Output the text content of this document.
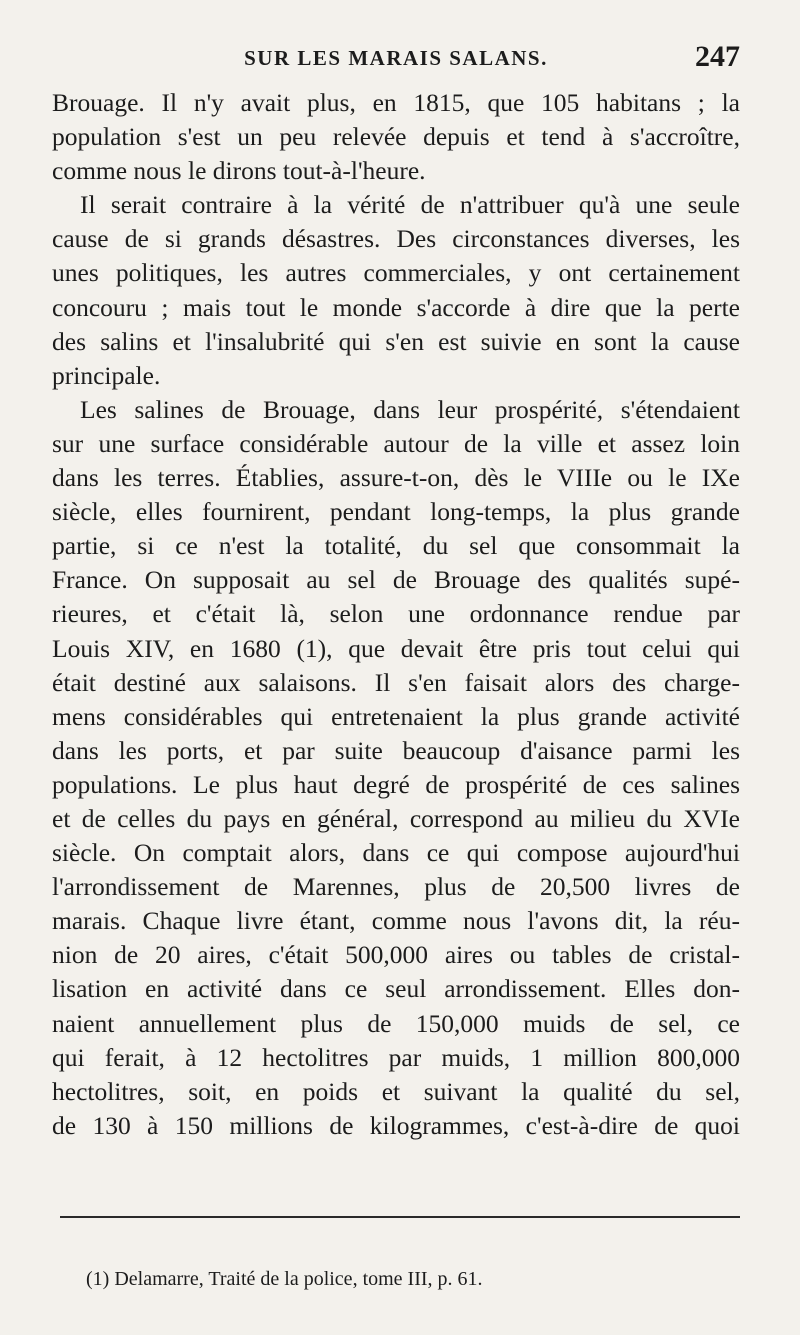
SUR LES MARAIS SALANS.	247
Brouage. Il n'y avait plus, en 1815, que 105 habitans ; la
population s'est un peu relevée depuis et tend à s'accroître,
comme nous le dirons tout-à-l'heure.
Il serait contraire à la vérité de n'attribuer qu'à une seule
cause de si grands désastres. Des circonstances diverses, les
unes politiques, les autres commerciales, y ont certainement
concouru ; mais tout le monde s'accorde à dire que la perte
des salins et l'insalubrité qui s'en est suivie en sont la cause
principale.
Les salines de Brouage, dans leur prospérité, s'étendaient
sur une surface considérable autour de la ville et assez loin
dans les terres. Établies, assure-t-on, dès le VIIIe ou le IXe
siècle, elles fournirent, pendant long-temps, la plus grande
partie, si ce n'est la totalité, du sel que consommait la
France. On supposait au sel de Brouage des qualités supé-
rieures, et c'était là, selon une ordonnance rendue par
Louis XIV, en 1680 (1), que devait être pris tout celui qui
était destiné aux salaisons. Il s'en faisait alors des charge-
mens considérables qui entretenaient la plus grande activité
dans les ports, et par suite beaucoup d'aisance parmi les
populations. Le plus haut degré de prospérité de ces salines
et de celles du pays en général, correspond au milieu du XVIe
siècle. On comptait alors, dans ce qui compose aujourd'hui
l'arrondissement de Marennes, plus de 20,500 livres de
marais. Chaque livre étant, comme nous l'avons dit, la réu-
nion de 20 aires, c'était 500,000 aires ou tables de cristal-
lisation en activité dans ce seul arrondissement. Elles don-
naient annuellement plus de 150,000 muids de sel, ce
qui ferait, à 12 hectolitres par muids, 1 million 800,000
hectolitres, soit, en poids et suivant la qualité du sel,
de 130 à 150 millions de kilogrammes, c'est-à-dire de quoi
(1) Delamarre, Traité de la police, tome III, p. 61.
